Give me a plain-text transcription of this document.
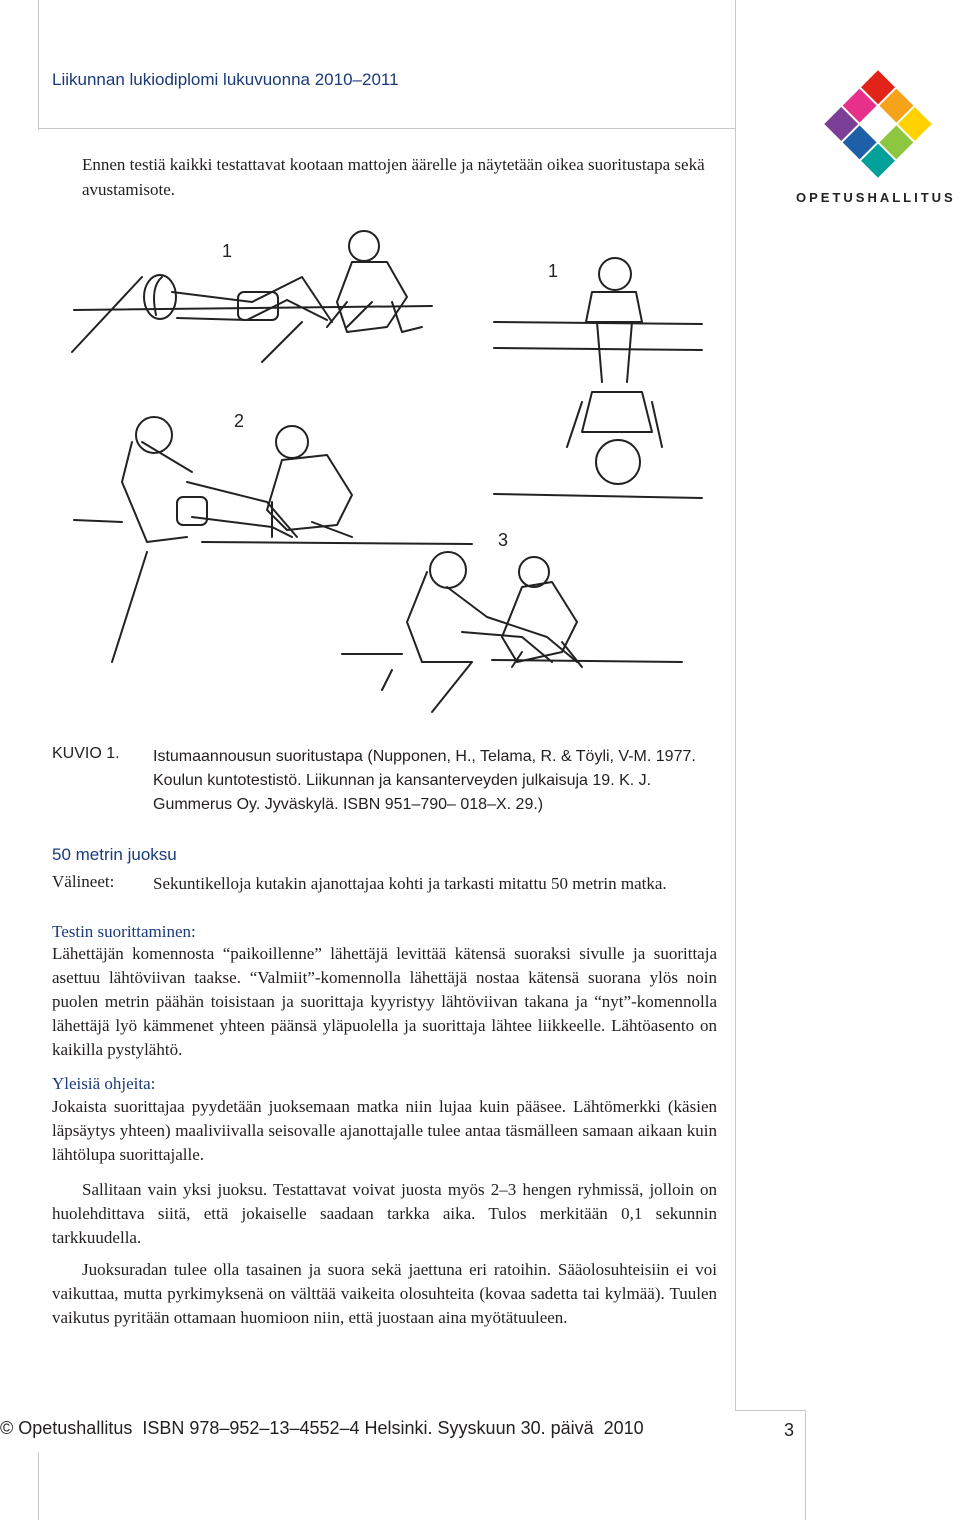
Liikunnan lukiodiplomi lukuvuonna 2010–2011
OPETUSHALLITUS
Ennen testiä kaikki testattavat kootaan mattojen äärelle ja näytetään oikea suoritustapa sekä avustamisote.
1
1
2
3
KUVIO 1. Istumaannousun suoritustapa (Nupponen, H., Telama, R. & Töyli, V-M. 1977. Koulun kuntotestistö. Liikunnan ja kansanterveyden julkaisuja 19. K. J. Gummerus Oy. Jyväskylä. ISBN 951–790– 018–X. 29.)
50 metrin juoksu
Välineet: Sekuntikelloja kutakin ajanottajaa kohti ja tarkasti mitattu 50 metrin matka.
Testin suorittaminen:
Lähettäjän komennosta “paikoillenne” lähettäjä levittää kätensä suoraksi sivulle ja suorittaja asettuu lähtöviivan taakse. “Valmiit”-komennolla lähettäjä nostaa kätensä suorana ylös noin puolen metrin päähän toisistaan ja suorittaja kyyristyy lähtöviivan takana ja “nyt”-komennolla lähettäjä lyö kämmenet yhteen päänsä yläpuolella ja suorittaja lähtee liikkeelle. Lähtöasento on kaikilla pystylähtö.
Yleisiä ohjeita:
Jokaista suorittajaa pyydetään juoksemaan matka niin lujaa kuin pääsee. Lähtömerkki (käsien läpsäytys yhteen) maaliviivalla seisovalle ajanottajalle tulee antaa täsmälleen samaan aikaan kuin lähtölupa suorittajalle.
Sallitaan vain yksi juoksu. Testattavat voivat juosta myös 2–3 hengen ryhmissä, jolloin on huolehdittava siitä, että jokaiselle saadaan tarkka aika. Tulos merkitään 0,1 sekunnin tarkkuudella.
Juoksuradan tulee olla tasainen ja suora sekä jaettuna eri ratoihin. Sääolosuhteisiin ei voi vaikuttaa, mutta pyrkimyksenä on välttää vaikeita olosuhteita (kovaa sadetta tai kylmää). Tuulen vaikutus pyritään ottamaan huomioon niin, että juostaan aina myötätuuleen.
© Opetushallitus  ISBN 978–952–13–4552–4 Helsinki. Syyskuun 30. päivä  2010	3
